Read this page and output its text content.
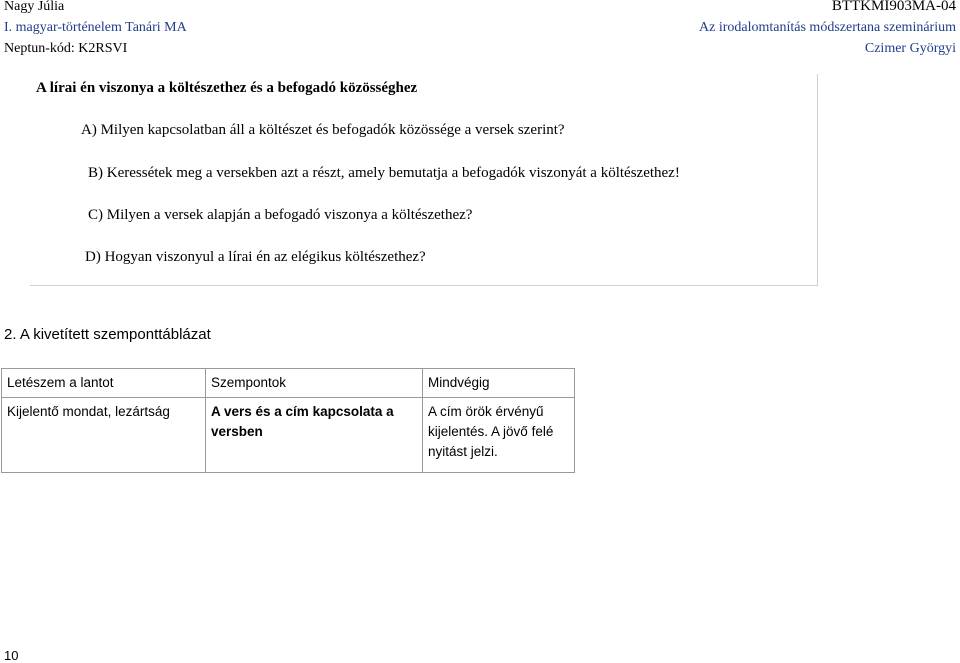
Nagy Júlia
I. magyar-történelem Tanári MA
Neptun-kód: K2RSVI
BTTKMI903MA-04
Az irodalomtanítás módszertana szeminárium
Czimer Györgyi
A lírai én viszonya a költészethez és a befogadó közösséghez
A) Milyen kapcsolatban áll a költészet és befogadók közössége a versek szerint?
B) Keressétek meg a versekben azt a részt, amely bemutatja a befogadók viszonyát a költészethez!
C) Milyen a versek alapján a befogadó viszonya a költészethez?
D) Hogyan viszonyul a lírai én az elégikus költészethez?
2. A kivetített szemponttáblázat
Letészem a lantot	Szempontok	Mindvégig
Kijelentő mondat, lezártság	A vers és a cím kapcsolata a versben	A cím örök érvényű kijelentés. A jövő felé nyitást jelzi.
10
